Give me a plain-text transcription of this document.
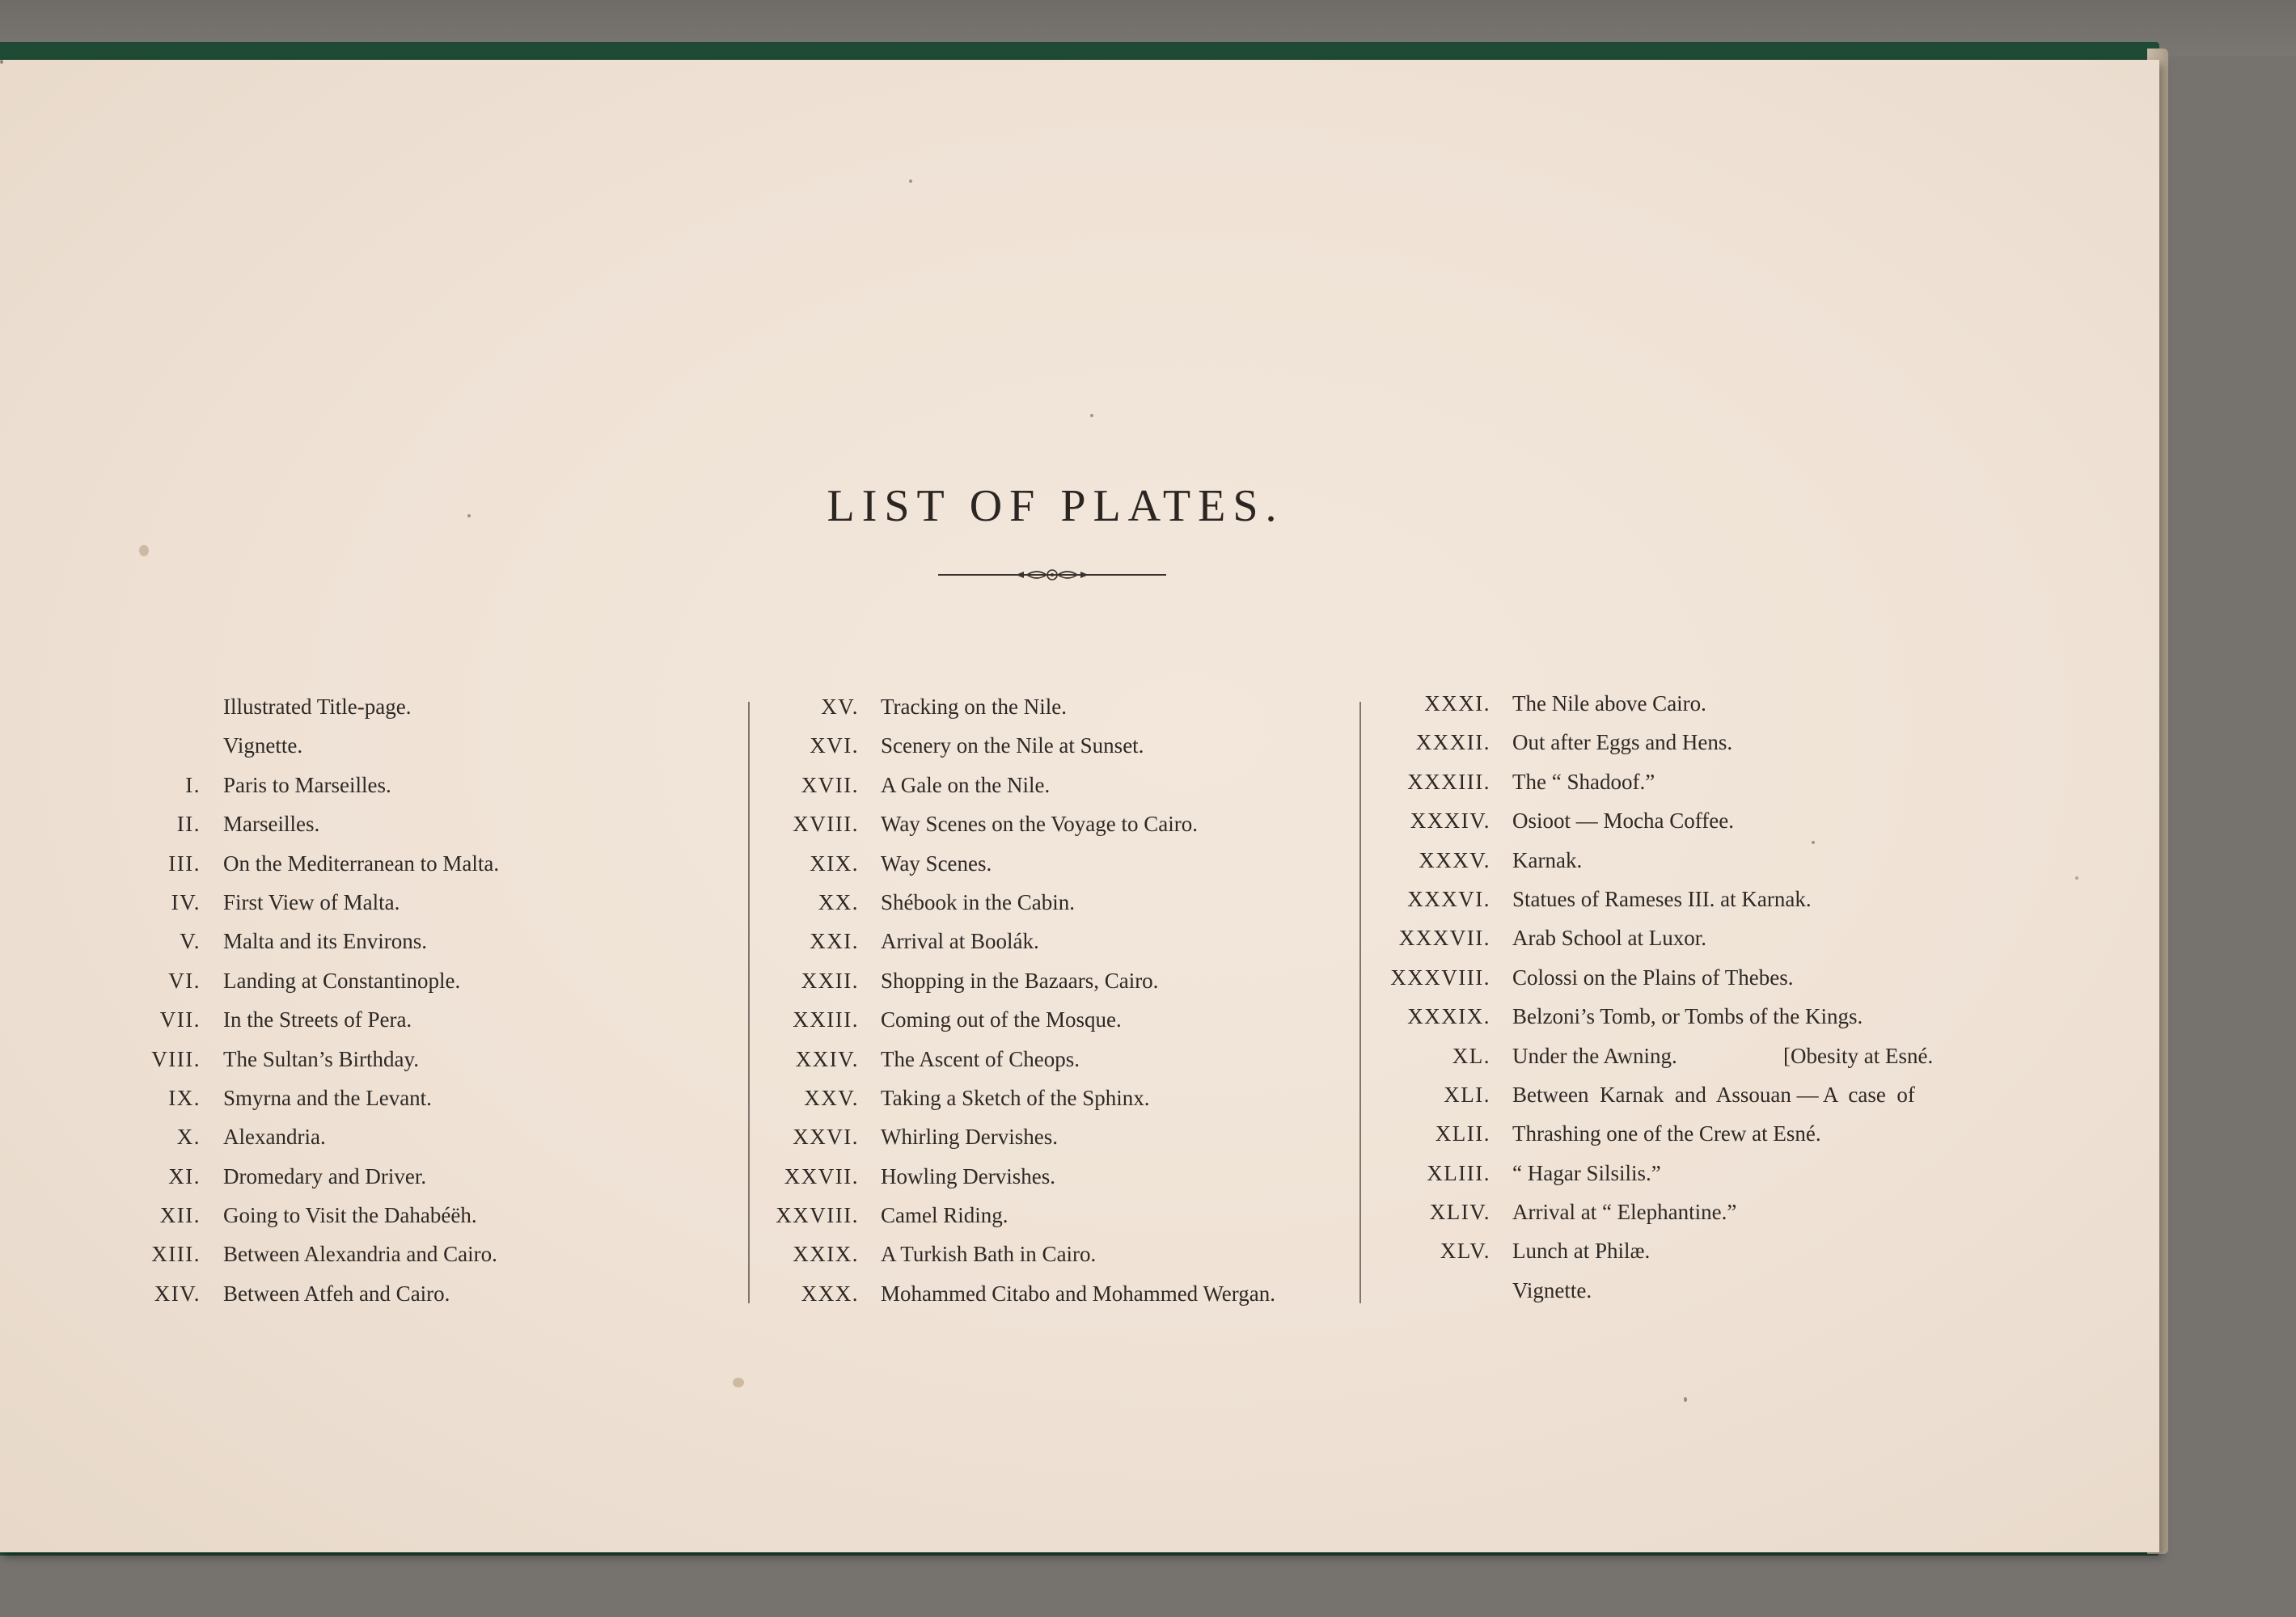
LIST OF PLATES.
Illustrated Title-page.
Vignette.
I. Paris to Marseilles.
II. Marseilles.
III. On the Mediterranean to Malta.
IV. First View of Malta.
V. Malta and its Environs.
VI. Landing at Constantinople.
VII. In the Streets of Pera.
VIII. The Sultan’s Birthday.
IX. Smyrna and the Levant.
X. Alexandria.
XI. Dromedary and Driver.
XII. Going to Visit the Dahabéëh.
XIII. Between Alexandria and Cairo.
XIV. Between Atfeh and Cairo.
XV. Tracking on the Nile.
XVI. Scenery on the Nile at Sunset.
XVII. A Gale on the Nile.
XVIII. Way Scenes on the Voyage to Cairo.
XIX. Way Scenes.
XX. Shébook in the Cabin.
XXI. Arrival at Boolák.
XXII. Shopping in the Bazaars, Cairo.
XXIII. Coming out of the Mosque.
XXIV. The Ascent of Cheops.
XXV. Taking a Sketch of the Sphinx.
XXVI. Whirling Dervishes.
XXVII. Howling Dervishes.
XXVIII. Camel Riding.
XXIX. A Turkish Bath in Cairo.
XXX. Mohammed Citabo and Mohammed Wergan.
XXXI. The Nile above Cairo.
XXXII. Out after Eggs and Hens.
XXXIII. The “ Shadoof.”
XXXIV. Osioot — Mocha Coffee.
XXXV. Karnak.
XXXVI. Statues of Rameses III. at Karnak.
XXXVII. Arab School at Luxor.
XXXVIII. Colossi on the Plains of Thebes.
XXXIX. Belzoni’s Tomb, or Tombs of the Kings.
XL. Under the Awning.	[Obesity at Esné.
XLI. Between  Karnak  and  Assouan — A  case  of
XLII. Thrashing one of the Crew at Esné.
XLIII. “ Hagar Silsilis.”
XLIV. Arrival at “ Elephantine.”
XLV. Lunch at Philæ.
Vignette.
